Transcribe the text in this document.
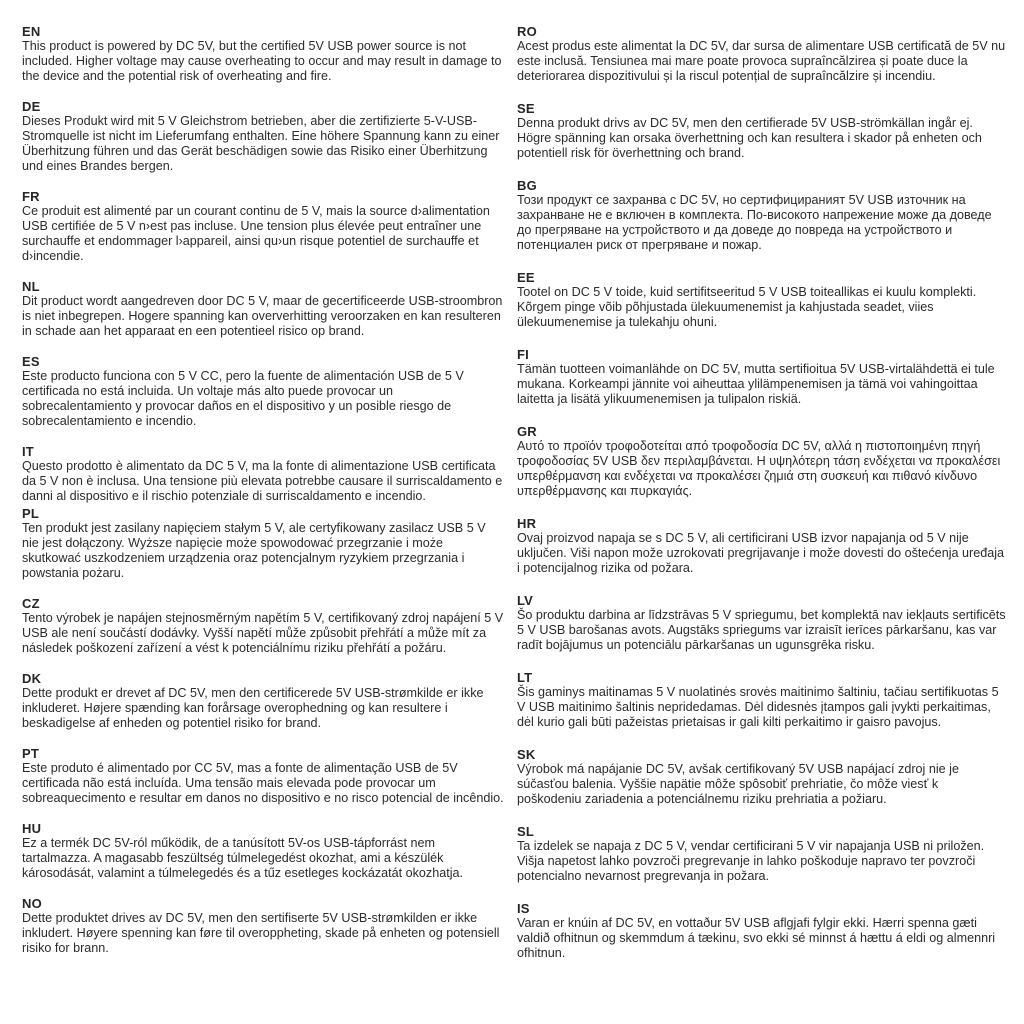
EN

This product is powered by DC 5V, but the certified 5V USB power source is not included. Higher voltage may cause overheating to occur and may result in damage to the device and the potential risk of overheating and fire.

DE

Dieses Produkt wird mit 5 V Gleichstrom betrieben, aber die zertifizierte 5-V-USB-Stromquelle ist nicht im Lieferumfang enthalten. Eine höhere Spannung kann zu einer Überhitzung führen und das Gerät beschädigen sowie das Risiko einer Überhitzung und eines Brandes bergen.

FR

Ce produit est alimenté par un courant continu de 5 V, mais la source d›alimentation USB certifiée de 5 V n›est pas incluse. Une tension plus élevée peut entraîner une surchauffe et endommager l›appareil, ainsi qu›un risque potentiel de surchauffe et d›incendie.

NL

Dit product wordt aangedreven door DC 5 V, maar de gecertificeerde USB-stroombron is niet inbegrepen. Hogere spanning kan oververhitting veroorzaken en kan resulteren in schade aan het apparaat en een potentieel risico op brand.

ES

Este producto funciona con 5 V CC, pero la fuente de alimentación USB de 5 V certificada no está incluida. Un voltaje más alto puede provocar un sobrecalentamiento y provocar daños en el dispositivo y un posible riesgo de sobrecalentamiento e incendio.

IT

Questo prodotto è alimentato da DC 5 V, ma la fonte di alimentazione USB certificata da 5 V non è inclusa. Una tensione più elevata potrebbe causare il surriscaldamento e danni al dispositivo e il rischio potenziale di surriscaldamento e incendio.

PL

Ten produkt jest zasilany napięciem stałym 5 V, ale certyfikowany zasilacz USB 5 V nie jest dołączony. Wyższe napięcie może spowodować przegrzanie i może skutkować uszkodzeniem urządzenia oraz potencjalnym ryzykiem przegrzania i powstania pożaru.

CZ

Tento výrobek je napájen stejnosměrným napětím 5 V, certifikovaný zdroj napájení 5 V USB ale není součástí dodávky. Vyšší napětí může způsobit přehřátí a může mít za následek poškození zařízení a vést k potenciálnímu riziku přehřátí a požáru.

DK

Dette produkt er drevet af DC 5V, men den certificerede 5V USB-strømkilde er ikke inkluderet. Højere spænding kan forårsage overophedning og kan resultere i beskadigelse af enheden og potentiel risiko for brand.

PT

Este produto é alimentado por CC 5V, mas a fonte de alimentação USB de 5V certificada não está incluída. Uma tensão mais elevada pode provocar um sobreaquecimento e resultar em danos no dispositivo e no risco potencial de incêndio.

HU

Ez a termék DC 5V-ról működik, de a tanúsított 5V-os USB-tápforrást nem tartalmazza. A magasabb feszültség túlmelegedést okozhat, ami a készülék károsodását, valamint a túlmelegedés és a tűz esetleges kockázatát okozhatja.

NO

Dette produktet drives av DC 5V, men den sertifiserte 5V USB-strømkilden er ikke inkludert. Høyere spenning kan føre til overoppheting, skade på enheten og potensiell risiko for brann.

RO

Acest produs este alimentat la DC 5V, dar sursa de alimentare USB certificată de 5V nu este inclusă. Tensiunea mai mare poate provoca supraîncălzirea și poate duce la deteriorarea dispozitivului și la riscul potențial de supraîncălzire și incendiu.

SE

Denna produkt drivs av DC 5V, men den certifierade 5V USB-strömkällan ingår ej. Högre spänning kan orsaka överhettning och kan resultera i skador på enheten och potentiell risk för överhettning och brand.

BG

Този продукт се захранва с DC 5V, но сертифицираният 5V USB източник на захранване не е включен в комплекта. По-високото напрежение може да доведе до прегряване на устройството и да доведе до повреда на устройството и потенциален риск от прегряване и пожар.

EE

Tootel on DC 5 V toide, kuid sertifitseeritud 5 V USB toiteallikas ei kuulu komplekti. Kõrgem pinge võib põhjustada ülekuumenemist ja kahjustada seadet, viies ülekuumenemise ja tulekahju ohuni.

FI

Tämän tuotteen voimanlähde on DC 5V, mutta sertifioitua 5V USB-virtalähdettä ei tule mukana. Korkeampi jännite voi aiheuttaa ylilämpenemisen ja tämä voi vahingoittaa laitetta ja lisätä ylikuumenemisen ja tulipalon riskiä.

GR

Αυτό το προϊόν τροφοδοτείται από τροφοδοσία DC 5V, αλλά η πιστοποιημένη πηγή τροφοδοσίας 5V USB δεν περιλαμβάνεται. Η υψηλότερη τάση ενδέχεται να προκαλέσει υπερθέρμανση και ενδέχεται να προκαλέσει ζημιά στη συσκευή και πιθανό κίνδυνο υπερθέρμανσης και πυρκαγιάς.

HR

Ovaj proizvod napaja se s DC 5 V, ali certificirani USB izvor napajanja od 5 V nije uključen. Viši napon može uzrokovati pregrijavanje i može dovesti do oštećenja uređaja i potencijalnog rizika od požara.

LV

Šo produktu darbina ar līdzstrāvas 5 V spriegumu, bet komplektā nav iekļauts sertificēts 5 V USB barošanas avots. Augstāks spriegums var izraisīt ierīces pārkaršanu, kas var radīt bojājumus un potenciālu pārkaršanas un ugunsgrēka risku.

LT

Šis gaminys maitinamas 5 V nuolatinės srovės maitinimo šaltiniu, tačiau sertifikuotas 5 V USB maitinimo šaltinis nepridedamas. Dėl didesnės įtampos gali įvykti perkaitimas, dėl kurio gali būti pažeistas prietaisas ir gali kilti perkaitimo ir gaisro pavojus.

SK

Výrobok má napájanie DC 5V, avšak certifikovaný 5V USB napájací zdroj nie je súčasťou balenia. Vyššie napätie môže spôsobiť prehriatie, čo môže viesť k poškodeniu zariadenia a potenciálnemu riziku prehriatia a požiaru.

SL

Ta izdelek se napaja z DC 5 V, vendar certificirani 5 V vir napajanja USB ni priložen. Višja napetost lahko povzroči pregrevanje in lahko poškoduje napravo ter povzroči potencialno nevarnost pregrevanja in požara.

IS

Varan er knúin af DC 5V, en vottaður 5V USB aflgjafi fylgir ekki. Hærri spenna gæti valdið ofhitnun og skemmdum á tækinu, svo ekki sé minnst á hættu á eldi og almennri ofhitnun.
